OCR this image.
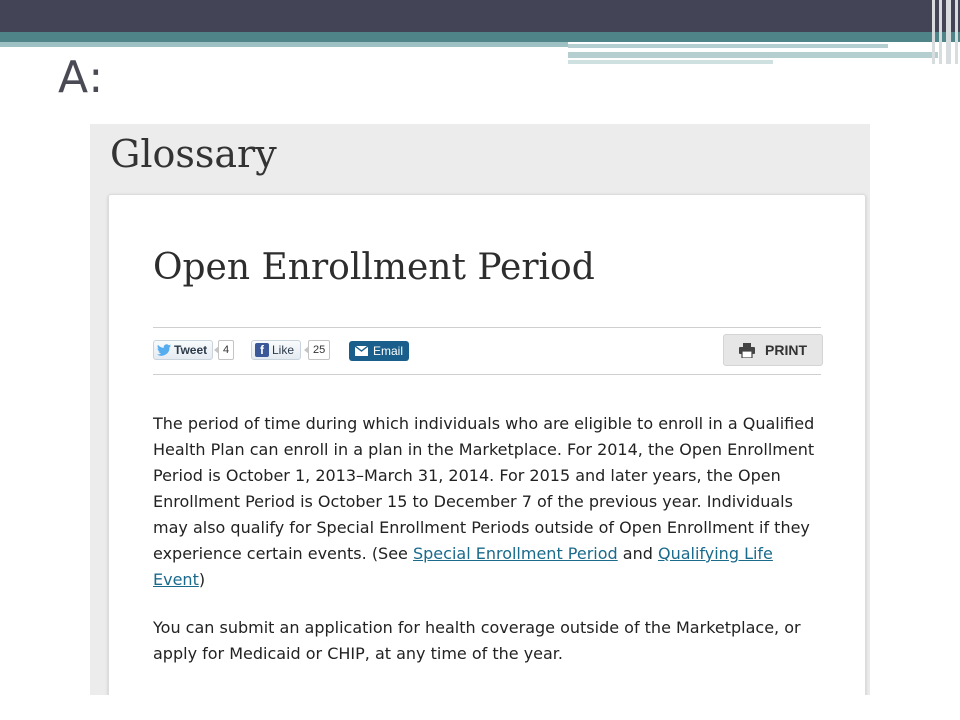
A:
Glossary
Open Enrollment Period
Tweet	4	f Like	25	Email	PRINT

The period of time during which individuals who are eligible to enroll in a Qualified Health Plan can enroll in a plan in the Marketplace. For 2014, the Open Enrollment Period is October 1, 2013–March 31, 2014. For 2015 and later years, the Open Enrollment Period is October 15 to December 7 of the previous year. Individuals may also qualify for Special Enrollment Periods outside of Open Enrollment if they experience certain events. (See Special Enrollment Period and Qualifying Life Event)

You can submit an application for health coverage outside of the Marketplace, or apply for Medicaid or CHIP, at any time of the year.
